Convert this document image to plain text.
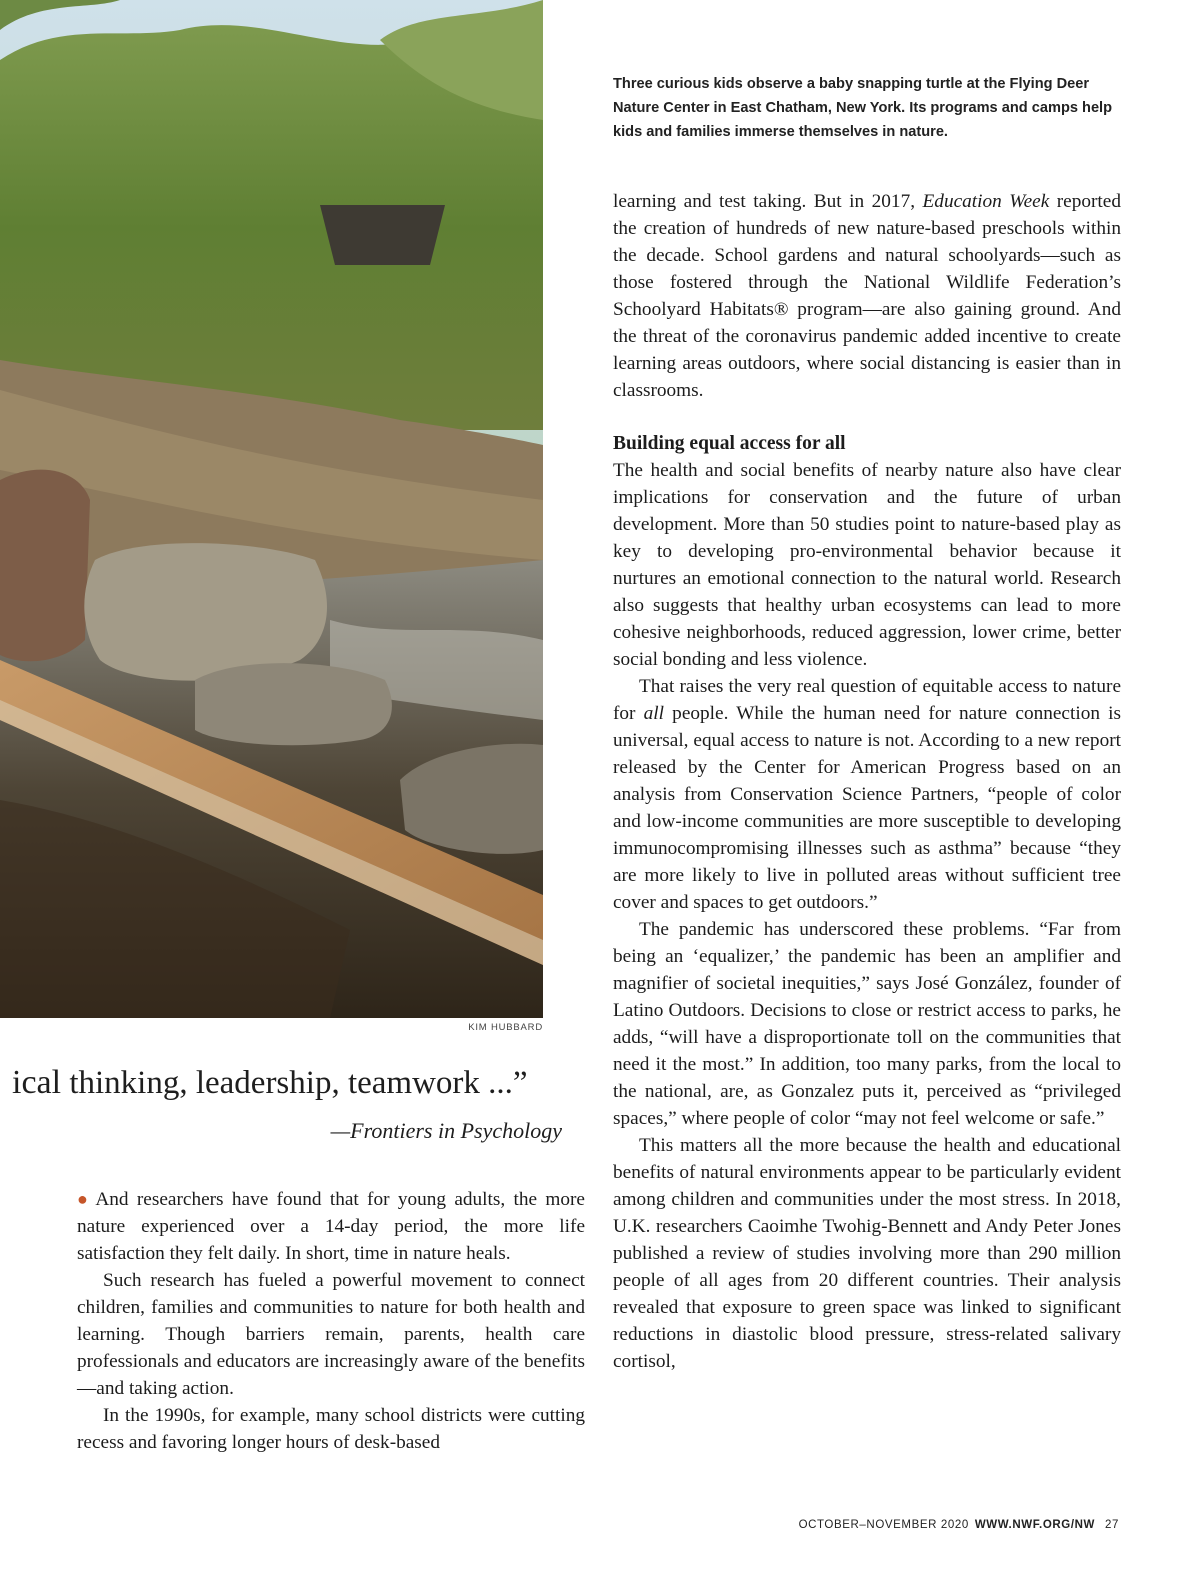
KIM HUBBARD
Three curious kids observe a baby snapping turtle at the Flying Deer Nature Center in East Chatham, New York. Its programs and camps help kids and families immerse themselves in nature.
ical thinking, leadership, teamwork ...”
—Frontiers in Psychology

● And researchers have found that for young adults, the more nature experienced over a 14-day period, the more life satisfaction they felt daily. In short, time in nature heals.

Such research has fueled a powerful movement to connect children, families and communities to nature for both health and learning. Though barriers remain, parents, health care professionals and educators are increasingly aware of the benefits—and taking action.

In the 1990s, for example, many school districts were cutting recess and favoring longer hours of desk-based

learning and test taking. But in 2017, Education Week reported the creation of hundreds of new nature-based preschools within the decade. School gardens and natural schoolyards—such as those fostered through the National Wildlife Federation’s Schoolyard Habitats® program—are also gaining ground. And the threat of the coronavirus pandemic added incentive to create learning areas outdoors, where social distancing is easier than in classrooms.

Building equal access for all

The health and social benefits of nearby nature also have clear implications for conservation and the future of urban development. More than 50 studies point to nature-based play as key to developing pro-environmental behavior because it nurtures an emotional connection to the natural world. Research also suggests that healthy urban ecosystems can lead to more cohesive neighborhoods, reduced aggression, lower crime, better social bonding and less violence.

That raises the very real question of equitable access to nature for all people. While the human need for nature connection is universal, equal access to nature is not. According to a new report released by the Center for American Progress based on an analysis from Conservation Science Partners, “people of color and low-income communities are more susceptible to developing immunocompromising illnesses such as asthma” because “they are more likely to live in polluted areas without sufficient tree cover and spaces to get outdoors.”

The pandemic has underscored these problems. “Far from being an ‘equalizer,’ the pandemic has been an amplifier and magnifier of societal inequities,” says José González, founder of Latino Outdoors. Decisions to close or restrict access to parks, he adds, “will have a disproportionate toll on the communities that need it the most.” In addition, too many parks, from the local to the national, are, as Gonzalez puts it, perceived as “privileged spaces,” where people of color “may not feel welcome or safe.”

This matters all the more because the health and educational benefits of natural environments appear to be particularly evident among children and communities under the most stress. In 2018, U.K. researchers Caoimhe Twohig-Bennett and Andy Peter Jones published a review of studies involving more than 290 million people of all ages from 20 different countries. Their analysis revealed that exposure to green space was linked to significant reductions in diastolic blood pressure, stress-related salivary cortisol,

OCTOBER–NOVEMBER 2020 WWW.NWF.ORG/NW 27
